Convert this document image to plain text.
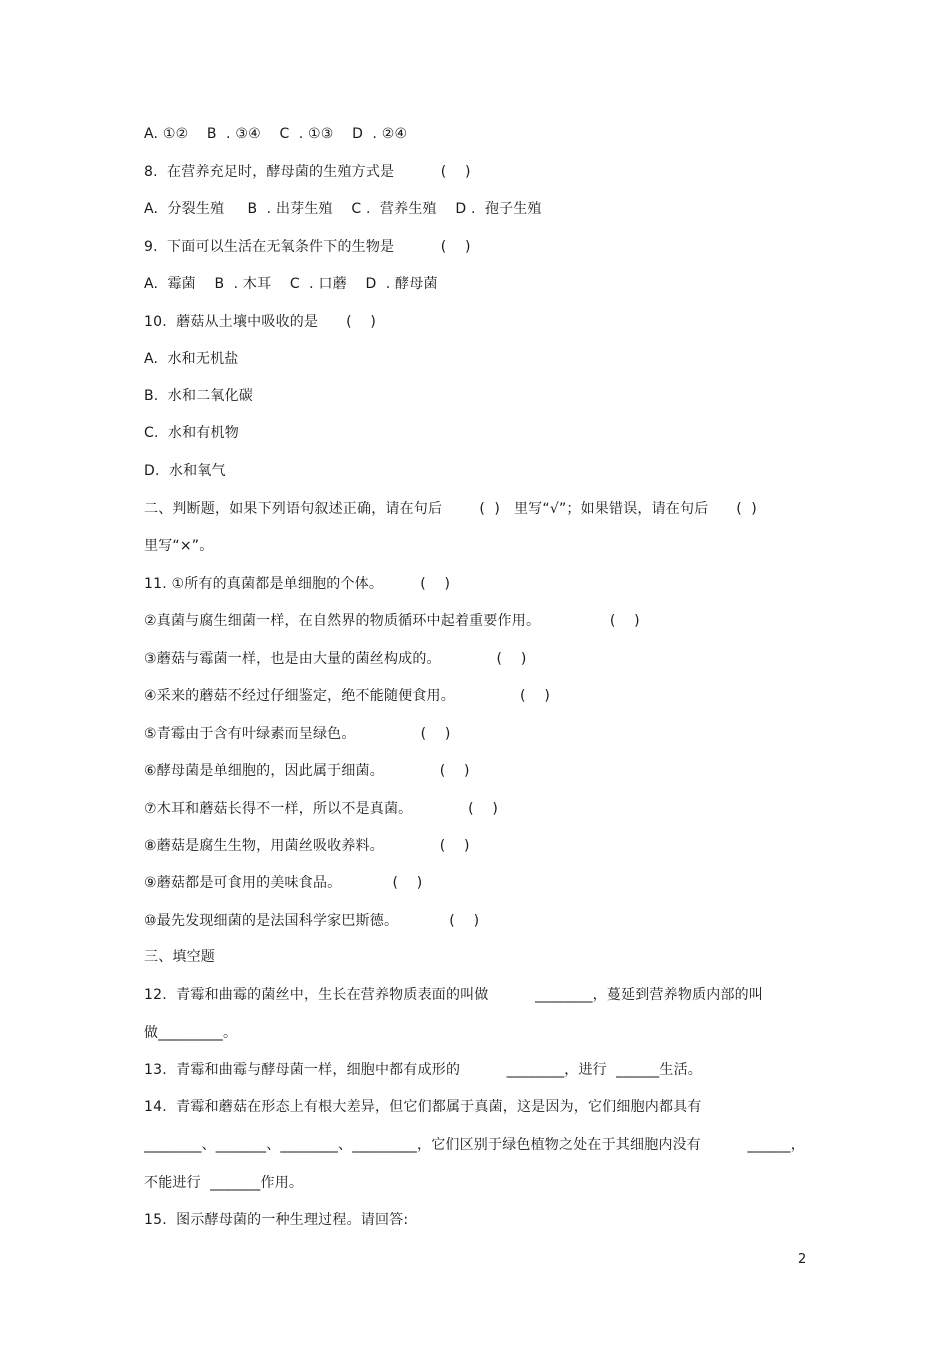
A. ①②    B  . ③④    C  . ①③    D  . ②④
8.  在营养充足时，酵母菌的生殖方式是          (    )
A.  分裂生殖     B  . 出芽生殖    C .  营养生殖    D .  孢子生殖
9.  下面可以生活在无氧条件下的生物是          (    )
A.  霉菌    B  . 木耳    C  . 口蘑    D  . 酵母菌
10.  蘑菇从土壤中吸收的是      (    )
A.  水和无机盐
B.  水和二氧化碳
C.  水和有机物
D.  水和氧气
二、判断题，如果下列语句叙述正确，请在句后        (  )   里写“√”；如果错误，请在句后      (  )
里写“×”。
11. ①所有的真菌都是单细胞的个体。        (    )
②真菌与腐生细菌一样，在自然界的物质循环中起着重要作用。               (    )
③蘑菇与霉菌一样，也是由大量的菌丝构成的。            (    )
④采来的蘑菇不经过仔细鉴定，绝不能随便食用。              (    )
⑤青霉由于含有叶绿素而呈绿色。              (    )
⑥酵母菌是单细胞的，因此属于细菌。            (    )
⑦木耳和蘑菇长得不一样，所以不是真菌。            (    )
⑧蘑菇是腐生生物，用菌丝吸收养料。            (    )
⑨蘑菇都是可食用的美味食品。           (    )
⑩最先发现细菌的是法国科学家巴斯德。           (    )
三、填空题
12.  青霉和曲霉的菌丝中，生长在营养物质表面的叫做          ________，蔓延到营养物质内部的叫
做_________。
13.  青霉和曲霉与酵母菌一样，细胞中都有成形的          ________，进行  ______生活。
14.  青霉和蘑菇在形态上有根大差异，但它们都属于真菌，这是因为，它们细胞内都具有
________、_______、________、_________，它们区别于绿色植物之处在于其细胞内没有          ______，
不能进行  _______作用。
15.  图示酵母菌的一种生理过程。请回答:
2
